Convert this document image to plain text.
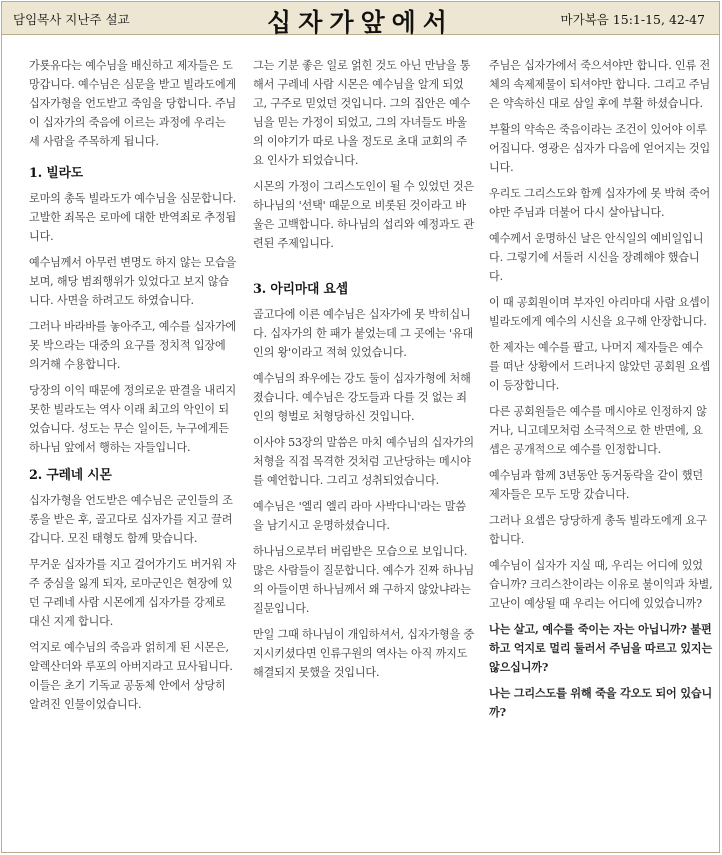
담임목사 지난주 설교	십자가앞에서	마가복음 15:1-15, 42-47

가룟유다는 예수님을 배신하고 제자들은 도망갑니다. 예수님은 심문을 받고 빌라도에게 십자가형을 언도받고 죽임을 당합니다. 주님이 십자가의 죽음에 이르는 과정에 우리는 세 사람을 주목하게 됩니다.

1. 빌라도

로마의 총독 빌라도가 예수님을 심문합니다. 고발한 죄목은 로마에 대한 반역죄로 추정됩니다.

예수님께서 아무런 변명도 하지 않는 모습을 보며, 해당 범죄행위가 있었다고 보지 않습니다. 사면을 하려고도 하였습니다.

그러나 바라바를 놓아주고, 예수를 십자가에 못 박으라는 대중의 요구를 정치적 입장에 의거해 수용합니다.

당장의 이익 때문에 정의로운 판결을 내리지 못한 빌라도는 역사 이래 최고의 악인이 되었습니다. 성도는 무슨 일이든, 누구에게든 하나님 앞에서 행하는 자들입니다.

2. 구레네 시몬

십자가형을 언도받은 예수님은 군인들의 조롱을 받은 후, 골고다로 십자가를 지고 끌려갑니다. 모진 태형도 함께 맞습니다.

무거운 십자가를 지고 걸어가기도 버거워 자주 중심을 잃게 되자, 로마군인은 현장에 있던 구레네 사람 시몬에게 십자가를 강제로 대신 지게 합니다.

억지로 예수님의 죽음과 얽히게 된 시몬은, 알렉산더와 루포의 아버지라고 묘사됩니다. 이들은 초기 기독교 공동체 안에서 상당히 알려진 인물이었습니다.

그는 기분 좋은 일로 얽힌 것도 아닌 만남을 통해서 구레네 사람 시몬은 예수님을 알게 되었고, 구주로 믿었던 것입니다. 그의 집안은 예수님을 믿는 가정이 되었고, 그의 자녀들도 바울의 이야기가 따로 나올 정도로 초대 교회의 주요 인사가 되었습니다.

시몬의 가정이 그리스도인이 될 수 있었던 것은 하나님의 '선택' 때문으로 비롯된 것이라고 바울은 고백합니다. 하나님의 섭리와 예정과도 관련된 주제입니다.

3. 아리마대 요셉

골고다에 이른 예수님은 십자가에 못 박히십니다. 십자가의 한 패가 붙었는데 그 곳에는 '유대인의 왕'이라고 적혀 있었습니다.

예수님의 좌우에는 강도 둘이 십자가형에 처해졌습니다. 예수님은 강도들과 다를 것 없는 죄인의 형벌로 처형당하신 것입니다.

이사야 53장의 말씀은 마치 예수님의 십자가의 처형을 직접 목격한 것처럼 고난당하는 메시야를 예언합니다. 그리고 성취되었습니다.

예수님은 '엘리 엘리 라마 사박다니'라는 말씀을 남기시고 운명하셨습니다.

하나님으로부터 버림받은 모습으로 보입니다. 많은 사람들이 질문합니다. 예수가 진짜 하나님의 아들이면 하나님께서 왜 구하지 않았냐라는 질문입니다.

만일 그때 하나님이 개입하셔서, 십자가형을 중지시키셨다면 인류구원의 역사는 아직 까지도 해결되지 못했을 것입니다.

주님은 십자가에서 죽으셔야만 합니다. 인류 전체의 속제제물이 되셔야만 합니다. 그리고 주님은 약속하신 대로 삼일 후에 부활 하셨습니다.

부활의 약속은 죽음이라는 조건이 있어야 이루어집니다. 영광은 십자가 다음에 얻어지는 것입니다.

우리도 그리스도와 함께 십자가에 못 박혀 죽어야만 주님과 더불어 다시 살아납니다.

예수께서 운명하신 날은 안식일의 예비일입니다. 그렇기에 서둘러 시신을 장례해야 했습니다.

이 때 공회원이며 부자인 아리마대 사람 요셉이 빌라도에게 예수의 시신을 요구해 안장합니다.

한 제자는 예수를 팔고, 나머지 제자들은 예수를 떠난 상황에서 드러나지 않았던 공회원 요셉이 등장합니다.

다른 공회원들은 예수를 메시야로 인정하지 않거나, 니고데모처럼 소극적으로 한 반면에, 요셉은 공개적으로 예수를 인정합니다.

예수님과 함께 3년동안 동거동락을 같이 했던 제자들은 모두 도망 갔습니다.

그러나 요셉은 당당하게 총독 빌라도에게 요구합니다.

예수님이 십자가 지실 때, 우리는 어디에 있었습니까? 크리스찬이라는 이유로 불이익과 차별, 고난이 예상될 때 우리는 어디에 있었습니까?

나는 살고, 예수를 죽이는 자는 아닙니까? 불편하고 억지로 멀리 둘러서 주님을 따르고 있지는 않으십니까?

나는 그리스도를 위해 죽을 각오도 되어 있습니까?
